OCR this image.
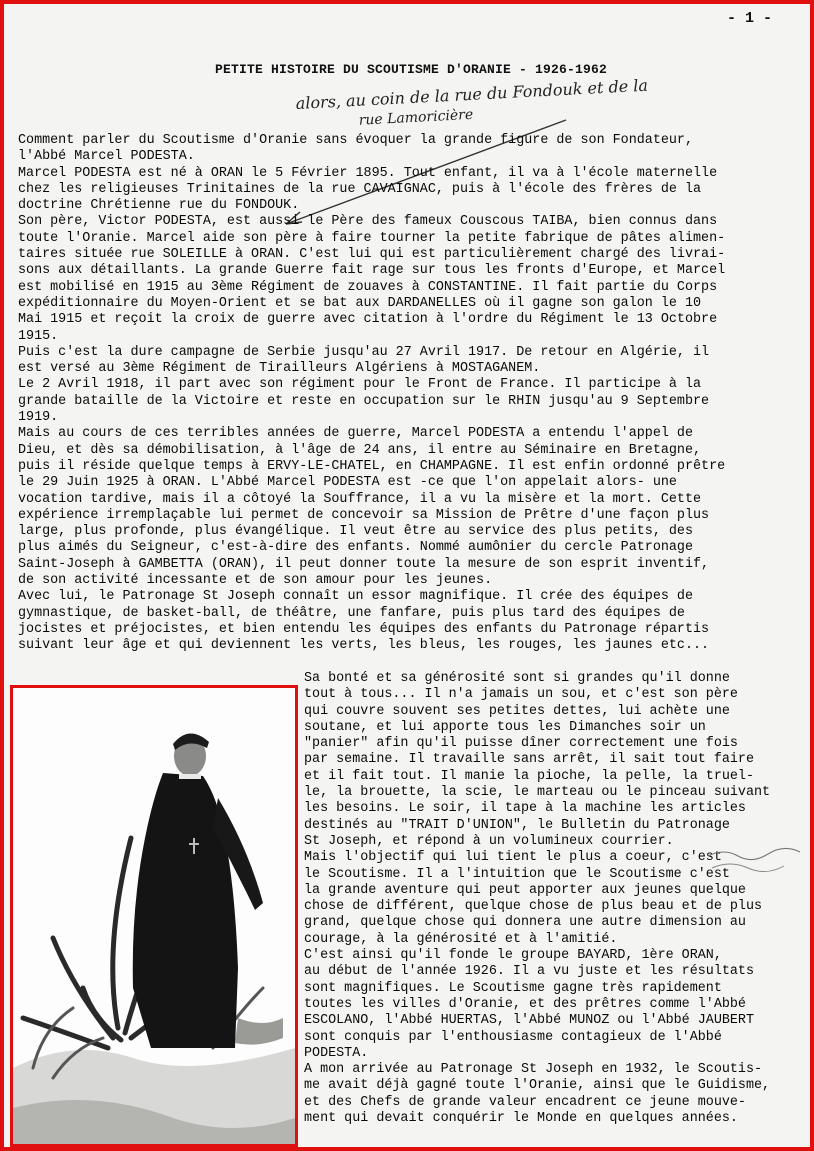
- 1 -
PETITE HISTOIRE DU SCOUTISME D'ORANIE - 1926-1962
alors, au coin de la rue du Fondouk et de la
rue Lamoricière
Comment parler du Scoutisme d'Oranie sans évoquer la grande figure de son Fondateur,
l'Abbé Marcel PODESTA.
Marcel PODESTA est né à ORAN le 5 Février 1895. Tout enfant, il va à l'école maternelle
chez les religieuses Trinitaines de la rue CAVAIGNAC, puis à l'école des frères de la
doctrine Chrétienne rue du FONDOUK.
Son père, Victor PODESTA, est aussi le Père des fameux Couscous TAIBA, bien connus dans
toute l'Oranie. Marcel aide son père à faire tourner la petite fabrique de pâtes alimen-
taires située rue SOLEILLE à ORAN. C'est lui qui est particulièrement chargé des livrai-
sons aux détaillants. La grande Guerre fait rage sur tous les fronts d'Europe, et Marcel
est mobilisé en 1915 au 3ème Régiment de zouaves à CONSTANTINE. Il fait partie du Corps
expéditionnaire du Moyen-Orient et se bat aux DARDANELLES où il gagne son galon le 10
Mai 1915 et reçoit la croix de guerre avec citation à l'ordre du Régiment le 13 Octobre
1915.
Puis c'est la dure campagne de Serbie jusqu'au 27 Avril 1917. De retour en Algérie, il
est versé au 3ème Régiment de Tirailleurs Algériens à MOSTAGANEM.
Le 2 Avril 1918, il part avec son régiment pour le Front de France. Il participe à la
grande bataille de la Victoire et reste en occupation sur le RHIN jusqu'au 9 Septembre
1919.
Mais au cours de ces terribles années de guerre, Marcel PODESTA a entendu l'appel de
Dieu, et dès sa démobilisation, à l'âge de 24 ans, il entre au Séminaire en Bretagne,
puis il réside quelque temps à ERVY-LE-CHATEL, en CHAMPAGNE. Il est enfin ordonné prêtre
le 29 Juin 1925 à ORAN. L'Abbé Marcel PODESTA est -ce que l'on appelait alors- une
vocation tardive, mais il a côtoyé la Souffrance, il a vu la misère et la mort. Cette
expérience irremplaçable lui permet de concevoir sa Mission de Prêtre d'une façon plus
large, plus profonde, plus évangélique. Il veut être au service des plus petits, des
plus aimés du Seigneur, c'est-à-dire des enfants. Nommé aumônier du cercle Patronage
Saint-Joseph à GAMBETTA (ORAN), il peut donner toute la mesure de son esprit inventif,
de son activité incessante et de son amour pour les jeunes.
Avec lui, le Patronage St Joseph connaît un essor magnifique. Il crée des équipes de
gymnastique, de basket-ball, de théâtre, une fanfare, puis plus tard des équipes de
jocistes et préjocistes, et bien entendu les équipes des enfants du Patronage répartis
suivant leur âge et qui deviennent les verts, les bleus, les rouges, les jaunes etc...
Sa bonté et sa générosité sont si grandes qu'il donne
tout à tous... Il n'a jamais un sou, et c'est son père
qui couvre souvent ses petites dettes, lui achète une
soutane, et lui apporte tous les Dimanches soir un
"panier" afin qu'il puisse dîner correctement une fois
par semaine. Il travaille sans arrêt, il sait tout faire
et il fait tout. Il manie la pioche, la pelle, la truel-
le, la brouette, la scie, le marteau ou le pinceau suivant
les besoins. Le soir, il tape à la machine les articles
destinés au "TRAIT D'UNION", le Bulletin du Patronage
St Joseph, et répond à un volumineux courrier.
Mais l'objectif qui lui tient le plus a coeur, c'est
le Scoutisme. Il a l'intuition que le Scoutisme c'est
la grande aventure qui peut apporter aux jeunes quelque
chose de différent, quelque chose de plus beau et de plus
grand, quelque chose qui donnera une autre dimension au
courage, à la générosité et à l'amitié.
C'est ainsi qu'il fonde le groupe BAYARD, 1ère ORAN,
au début de l'année 1926. Il a vu juste et les résultats
sont magnifiques. Le Scoutisme gagne très rapidement
toutes les villes d'Oranie, et des prêtres comme l'Abbé
ESCOLANO, l'Abbé HUERTAS, l'Abbé MUNOZ ou l'Abbé JAUBERT
sont conquis par l'enthousiasme contagieux de l'Abbé
PODESTA.
A mon arrivée au Patronage St Joseph en 1932, le Scoutis-
me avait déjà gagné toute l'Oranie, ainsi que le Guidisme,
et des Chefs de grande valeur encadrent ce jeune mouve-
ment qui devait conquérir le Monde en quelques années.
